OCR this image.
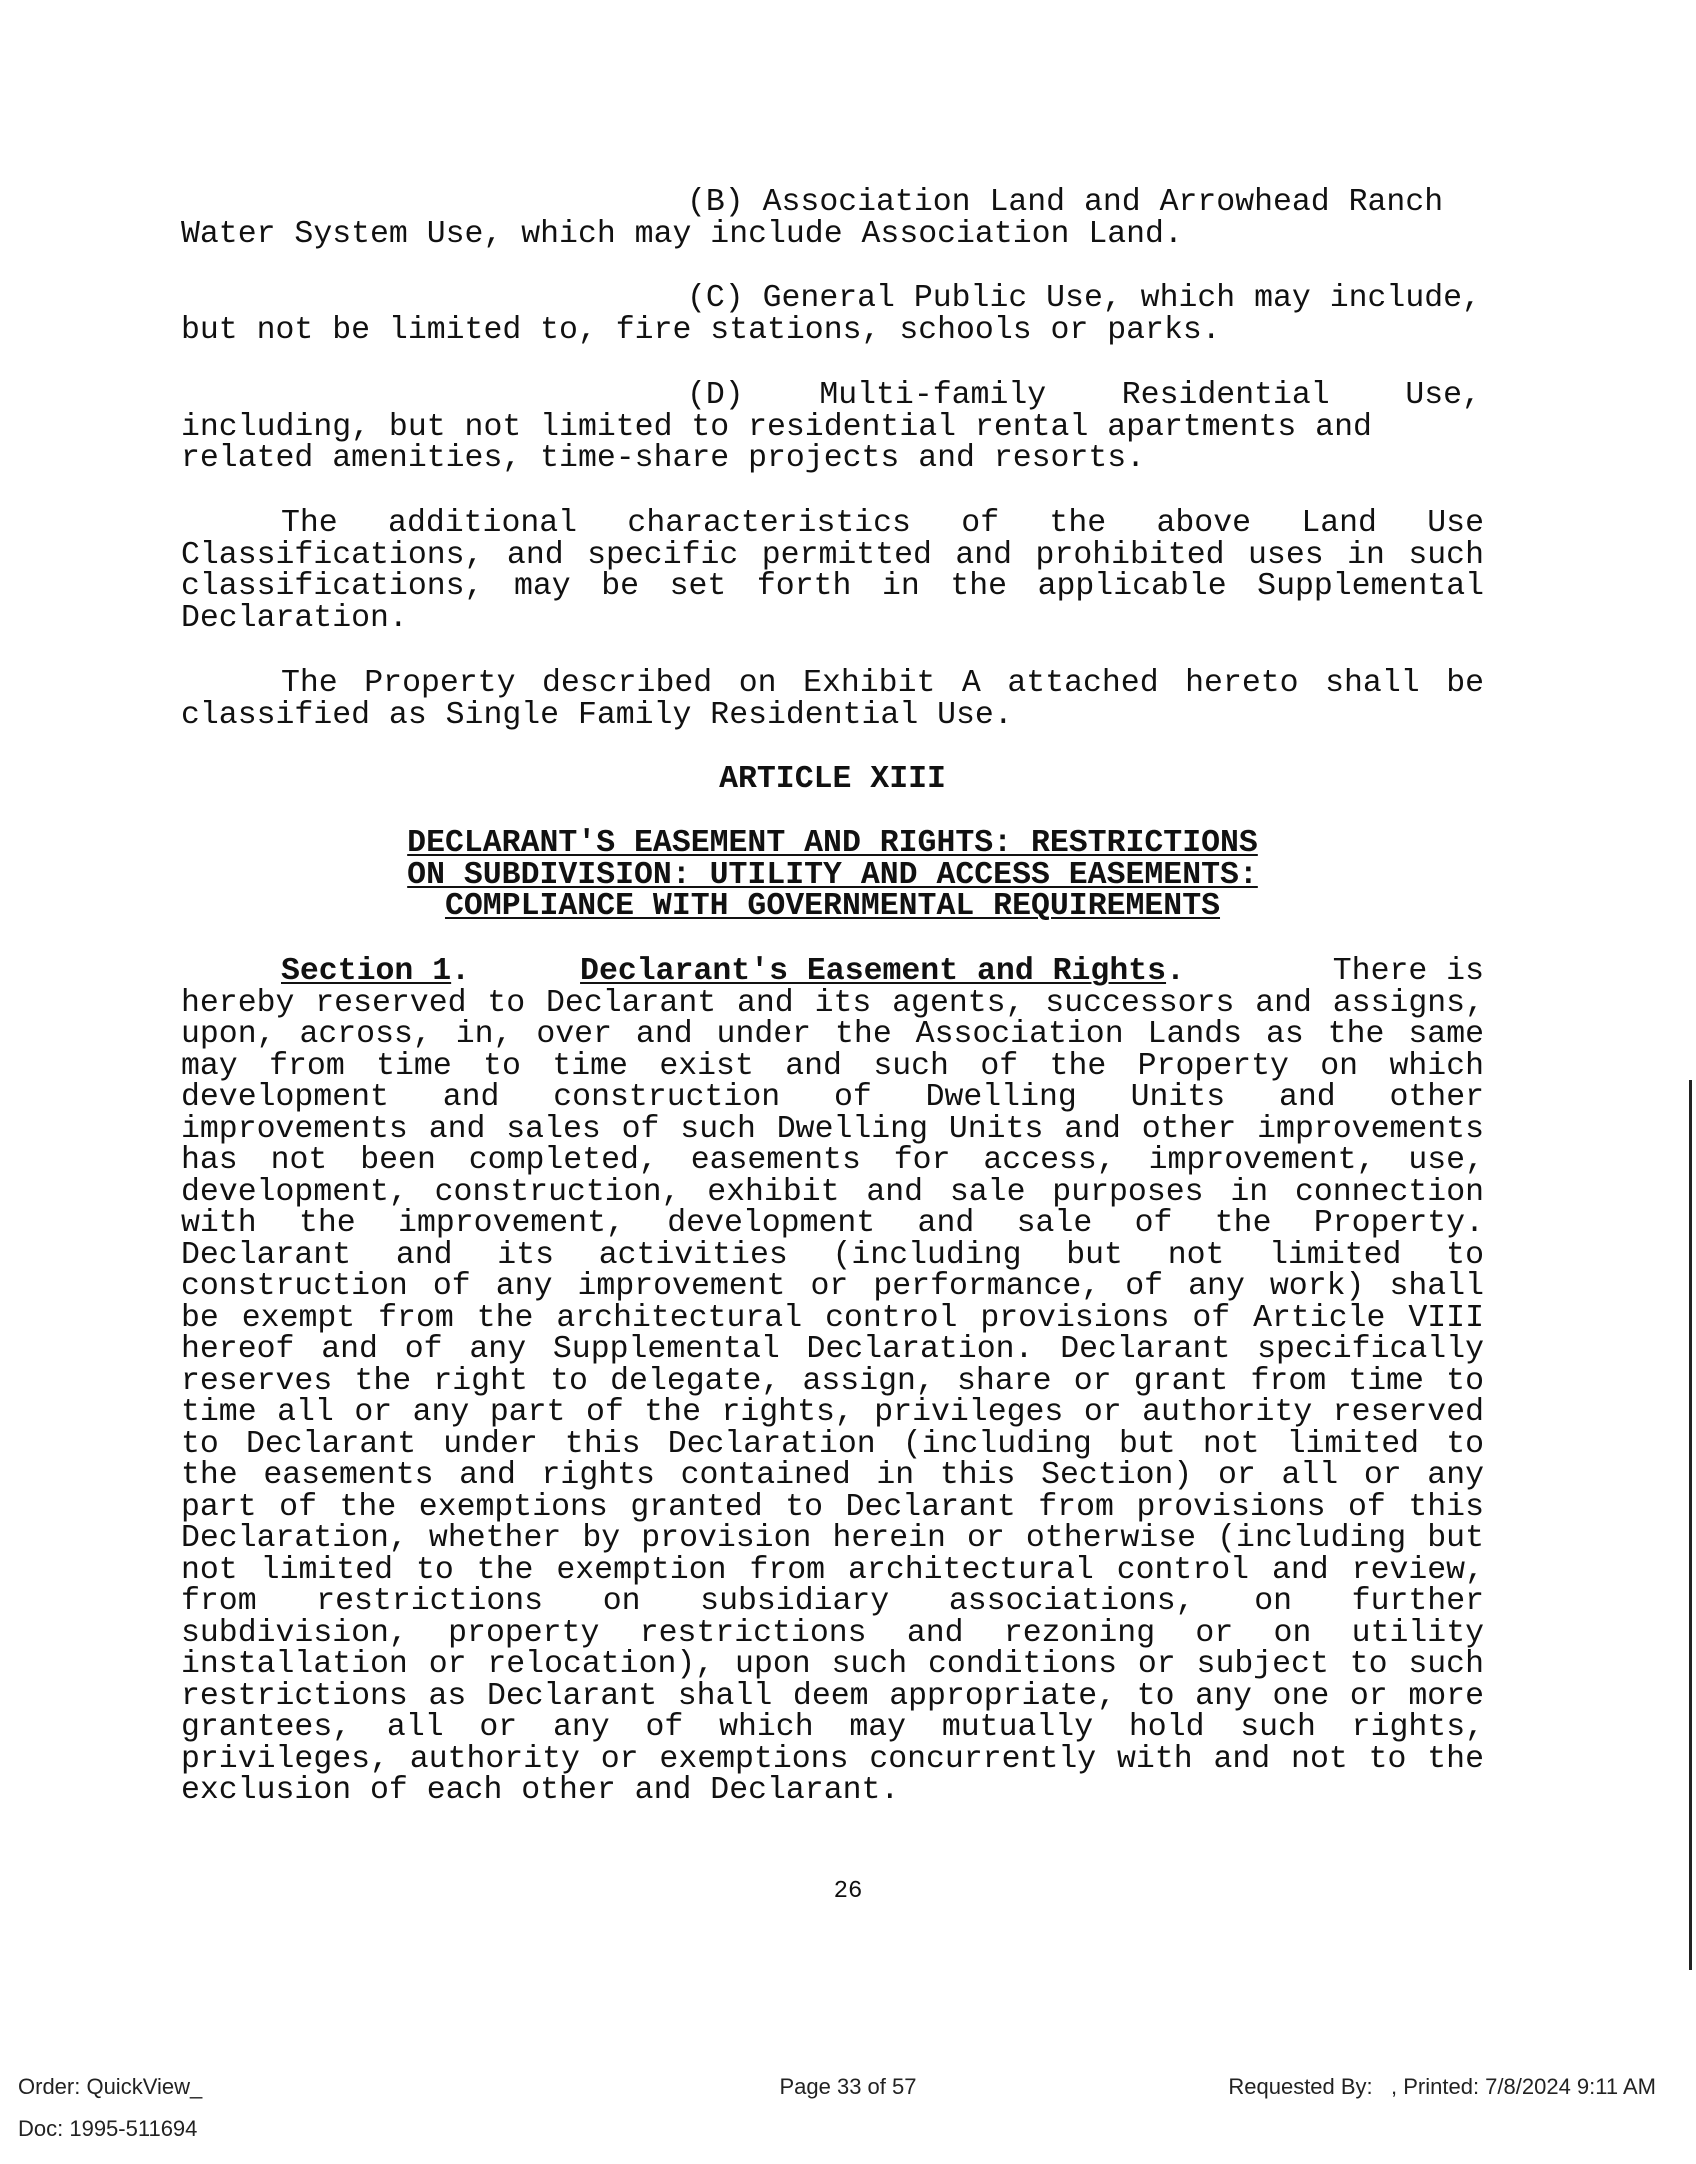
(B) Association Land and Arrowhead Ranch
Water System Use, which may include Association Land.
(C) General Public Use, which may include,
but not be limited to, fire stations, schools or parks.
(D)    Multi-family    Residential    Use,
including, but not limited to residential rental apartments and
related amenities, time-share projects and resorts.
The additional characteristics of the above Land Use Classifications, and specific permitted and prohibited uses in such classifications, may be set forth in the applicable Supplemental Declaration.
The Property described on Exhibit A attached hereto shall be classified as Single Family Residential Use.
ARTICLE XIII
DECLARANT'S EASEMENT AND RIGHTS: RESTRICTIONS
ON SUBDIVISION: UTILITY AND ACCESS EASEMENTS:
COMPLIANCE WITH GOVERNMENTAL REQUIREMENTS
Section 1.	Declarant's Easement and Rights.	There is
hereby reserved to Declarant and its agents, successors and assigns, upon, across, in, over and under the Association Lands as the same may from time to time exist and such of the Property on which development and construction of Dwelling Units and other improvements and sales of such Dwelling Units and other improvements has not been completed, easements for access, improvement, use, development, construction, exhibit and sale purposes in connection with the improvement, development and sale of the Property. Declarant and its activities (including but not limited to construction of any improvement or performance, of any work) shall be exempt from the architectural control provisions of Article VIII hereof and of any Supplemental Declaration. Declarant specifically reserves the right to delegate, assign, share or grant from time to time all or any part of the rights, privileges or authority reserved to Declarant under this Declaration (including but not limited to the easements and rights contained in this Section) or all or any part of the exemptions granted to Declarant from provisions of this Declaration, whether by provision herein or otherwise (including but not limited to the exemption from architectural control and review, from restrictions on subsidiary associations, on further subdivision, property restrictions and rezoning or on utility installation or relocation), upon such conditions or subject to such restrictions as Declarant shall deem appropriate, to any one or more grantees, all or any of which may mutually hold such rights, privileges, authority or exemptions concurrently with and not to the exclusion of each other and Declarant.
26
Order: QuickView_
Doc: 1995-511694
Page 33 of 57	Requested By:   , Printed: 7/8/2024 9:11 AM
